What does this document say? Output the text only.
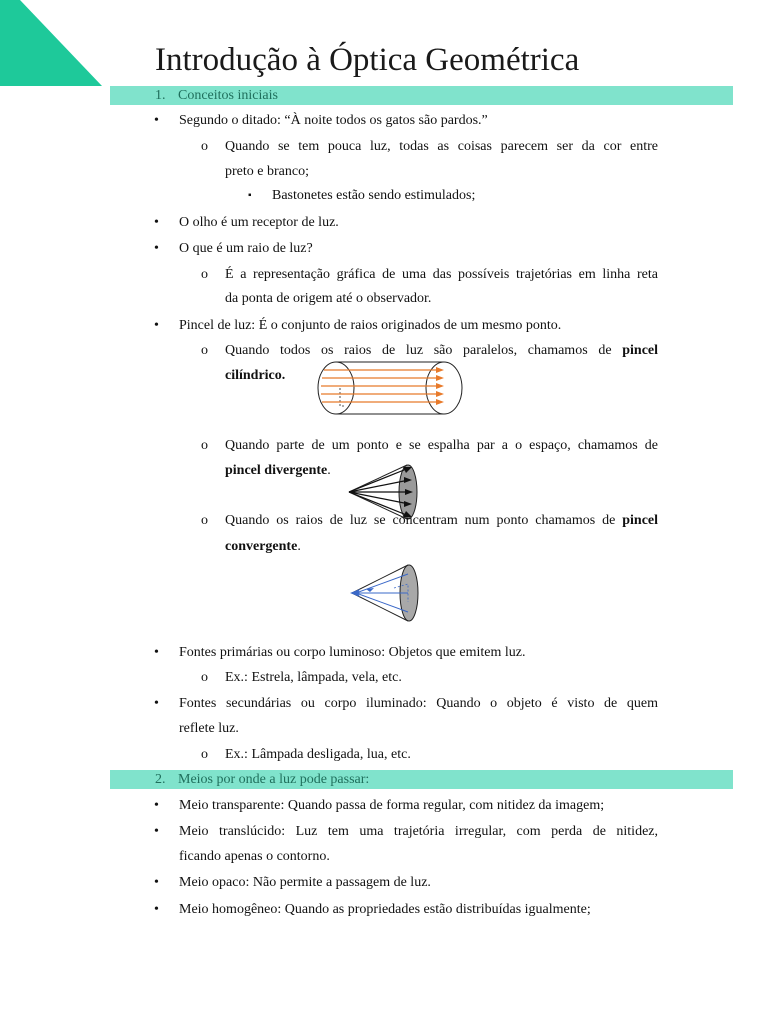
Introdução à Óptica Geométrica
1. Conceitos iniciais
• Segundo o ditado: “À noite todos os gatos são pardos.”
o Quando se tem pouca luz, todas as coisas parecem ser da cor entre
preto e branco;
▪ Bastonetes estão sendo estimulados;
• O olho é um receptor de luz.
• O que é um raio de luz?
o É a representação gráfica de uma das possíveis trajetórias em linha reta
da ponta de origem até o observador.
• Pincel de luz: É o conjunto de raios originados de um mesmo ponto.
o Quando todos os raios de luz são paralelos, chamamos de pincel
cilíndrico.
o Quando parte de um ponto e se espalha par a o espaço, chamamos de
pincel divergente.
o Quando os raios de luz se concentram num ponto chamamos de pincel
convergente.
• Fontes primárias ou corpo luminoso: Objetos que emitem luz.
o Ex.: Estrela, lâmpada, vela, etc.
• Fontes secundárias ou corpo iluminado: Quando o objeto é visto de quem
reflete luz.
o Ex.: Lâmpada desligada, lua, etc.
2. Meios por onde a luz pode passar:
• Meio transparente: Quando passa de forma regular, com nitidez da imagem;
• Meio translúcido: Luz tem uma trajetória irregular, com perda de nitidez,
ficando apenas o contorno.
• Meio opaco: Não permite a passagem de luz.
• Meio homogêneo: Quando as propriedades estão distribuídas igualmente;
